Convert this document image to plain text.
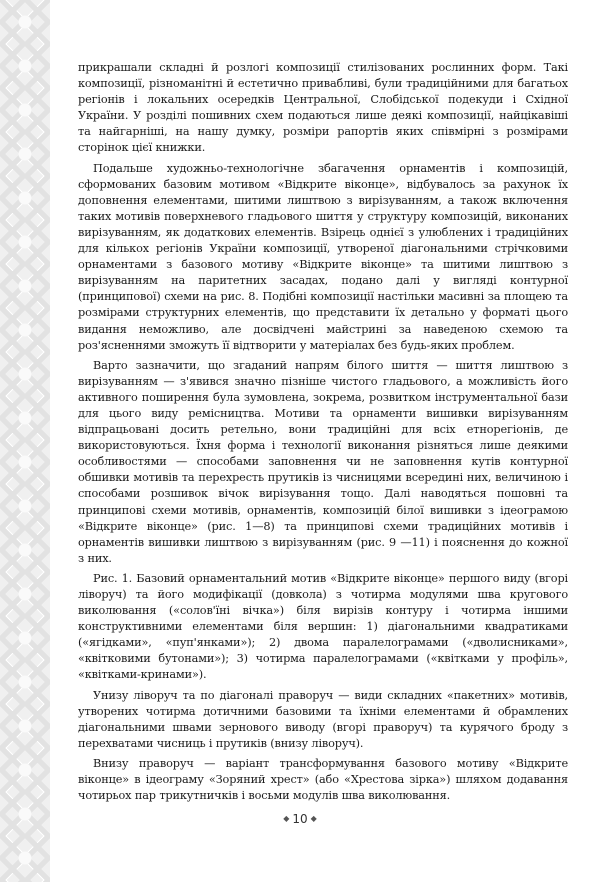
прикрашали складні й розлогі композиції стилізованих рослинних форм. Такі композиції, різноманітні й естетично привабливі, були традиційними для багатьох регіонів і локальних осередків Центральної, Слобідської подекуди і Східної України. У розділі пошивних схем подаються лише деякі композиції, найцікавіші та найгарніші, на нашу думку, розміри рапортів яких співмірні з розмірами сторінок цієї книжки.

Подальше художньо-технологічне збагачення орнаментів і композицій, сформованих базовим мотивом «Відкрите віконце», відбувалось за рахунок їх доповнення елементами, шитими лиштвою з вирізуванням, а також включення таких мотивів поверхневого гладьового шиття у структуру композицій, виконаних вирізуванням, як додаткових елементів. Взірець однієї з улюблених і традиційних для кількох регіонів України композиції, утвореної діагональними стрічковими орнаментами з базового мотиву «Відкрите віконце» та шитими лиштвою з вирізуванням на паритетних засадах, подано далі у вигляді контурної (принципової) схеми на рис. 8. Подібні композиції настільки масивні за площею та розмірами структурних елементів, що представити їх детально у форматі цього видання неможливо, але досвідчені майстрині за наведеною схемою та роз'ясненнями зможуть її відтворити у матеріалах без будь-яких проблем.

Варто зазначити, що згаданий напрям білого шиття — шиття лиштвою з вирізуванням — з'явився значно пізніше чистого гладьового, а можливість його активного поширення була зумовлена, зокрема, розвитком інструментальної бази для цього виду ремісництва. Мотиви та орнаменти вишивки вирізуванням відпрацьовані досить ретельно, вони традиційні для всіх етнорегіонів, де використовуються. Їхня форма і технології виконання різняться лише деякими особливостями — способами заповнення чи не заповнення кутів контурної обшивки мотивів та перехресть прутиків із чисницями всередині них, величиною і способами розшивок вічок вирізування тощо. Далі наводяться пошовні та принципові схеми мотивів, орнаментів, композицій білої вишивки з ідеограмою «Відкрите віконце» (рис. 1—8) та принципові схеми традиційних мотивів і орнаментів вишивки лиштвою з вирізуванням (рис. 9 —11) і пояснення до кожної з них.

Рис. 1. Базовий орнаментальний мотив «Відкрите віконце» першого виду (вгорі ліворуч) та його модифікації (довкола) з чотирма модулями шва кругового виколювання («солов'їні вічка») біля вирізів контуру і чотирма іншими конструктивними елементами біля вершин: 1) діагональними квадратиками («ягідками», «пуп'янками»); 2) двома паралелограмами («дволисниками», «квітковими бутонами»); 3) чотирма паралелограмами («квітками у профіль», «квітками-кринами»).

Унизу ліворуч та по діагоналі праворуч — види складних «пакетних» мотивів, утворених чотирма дотичними базовими та їхніми елементами й обрамлених діагональними швами зернового виводу (вгорі праворуч) та курячого броду з перехватами чисниць і прутиків (внизу ліворуч).

Внизу праворуч — варіант трансформування базового мотиву «Відкрите віконце» в ідеограму «Зоряний хрест» (або «Хрестова зірка») шляхом додавання чотирьох пар трикутничків і восьми модулів шва виколювання.

◆ 10 ◆
